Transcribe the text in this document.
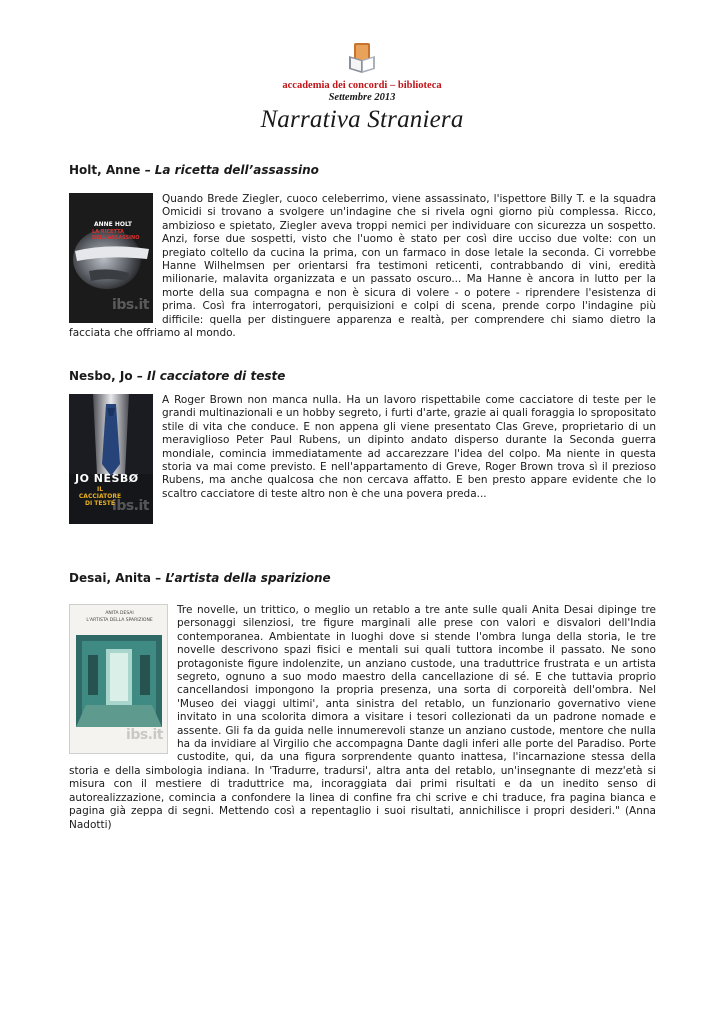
accademia dei concordi – biblioteca
Settembre 2013
Narrativa Straniera

Holt, Anne – La ricetta dell’assassino

ANNE HOLT
LA RICETTA DELL'ASSASSINO
ibs.it

Quando Brede Ziegler, cuoco celeberrimo, viene assassinato, l'ispettore Billy T. e la squadra Omicidi si trovano a svolgere un'indagine che si rivela ogni giorno più complessa. Ricco, ambizioso e spietato, Ziegler aveva troppi nemici per individuare con sicurezza un sospetto. Anzi, forse due sospetti, visto che l'uomo è stato per così dire ucciso due volte: con un pregiato coltello da cucina la prima, con un farmaco in dose letale la seconda. Ci vorrebbe Hanne Wilhelmsen per orientarsi fra testimoni reticenti, contrabbando di vini, eredità milionarie, malavita organizzata e un passato oscuro... Ma Hanne è ancora in lutto per la morte della sua compagna e non è sicura di volere - o potere - riprendere l'esistenza di prima. Così fra interrogatori, perquisizioni e colpi di scena, prende corpo l'indagine più difficile: quella per distinguere apparenza e realtà, per comprendere chi siamo dietro la facciata che offriamo al mondo.

Nesbo, Jo – Il cacciatore di teste

JO NESBØ
IL CACCIATORE DI TESTE
ibs.it

A Roger Brown non manca nulla. Ha un lavoro rispettabile come cacciatore di teste per le grandi multinazionali e un hobby segreto, i furti d'arte, grazie ai quali foraggia lo spropositato stile di vita che conduce. E non appena gli viene presentato Clas Greve, proprietario di un meraviglioso Peter Paul Rubens, un dipinto andato disperso durante la Seconda guerra mondiale, comincia immediatamente ad accarezzare l'idea del colpo. Ma niente in questa storia va mai come previsto. E nell'appartamento di Greve, Roger Brown trova sì il prezioso Rubens, ma anche qualcosa che non cercava affatto. E ben presto appare evidente che lo scaltro cacciatore di teste altro non è che una povera preda...

Desai, Anita – L’artista della sparizione

ANITA DESAI
L'ARTISTA DELLA SPARIZIONE
ibs.it

Tre novelle, un trittico, o meglio un retablo a tre ante sulle quali Anita Desai dipinge tre personaggi silenziosi, tre figure marginali alle prese con valori e disvalori dell'India contemporanea. Ambientate in luoghi dove si stende l'ombra lunga della storia, le tre novelle descrivono spazi fisici e mentali sui quali tuttora incombe il passato. Ne sono protagoniste figure indolenzite, un anziano custode, una traduttrice frustrata e un artista segreto, ognuno a suo modo maestro della cancellazione di sé. E che tuttavia proprio cancellandosi impongono la propria presenza, una sorta di corporeità dell'ombra. Nel 'Museo dei viaggi ultimi', anta sinistra del retablo, un funzionario governativo viene invitato in una scolorita dimora a visitare i tesori collezionati da un padrone nomade e assente. Gli fa da guida nelle innumerevoli stanze un anziano custode, mentore che nulla ha da invidiare al Virgilio che accompagna Dante dagli inferi alle porte del Paradiso. Porte custodite, qui, da una figura sorprendente quanto inattesa, l'incarnazione stessa della storia e della simbologia indiana. In 'Tradurre, tradursi', altra anta del retablo, un'insegnante di mezz'età si misura con il mestiere di traduttrice ma, incoraggiata dai primi risultati e da un inedito senso di autorealizzazione, comincia a confondere la linea di confine fra chi scrive e chi traduce, fra pagina bianca e pagina già zeppa di segni. Mettendo così a repentaglio i suoi risultati, annichilisce i propri desideri." (Anna Nadotti)
